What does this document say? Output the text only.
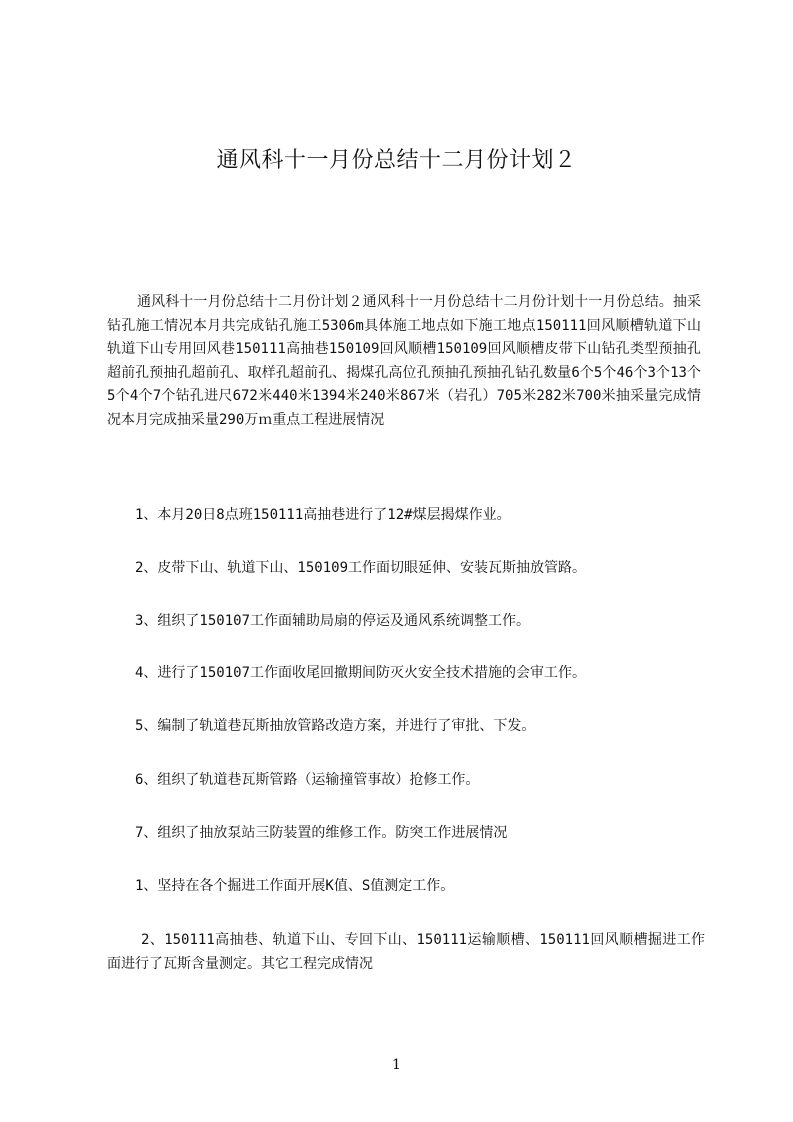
通风科十一月份总结十二月份计划２

通风科十一月份总结十二月份计划２通风科十一月份总结十二月份计划十一月份总结。抽采钻孔施工情况本月共完成钻孔施工5306m具体施工地点如下施工地点150111回风顺槽轨道下山轨道下山专用回风巷150111高抽巷150109回风顺槽150109回风顺槽皮带下山钻孔类型预抽孔超前孔预抽孔超前孔、取样孔超前孔、揭煤孔高位孔预抽孔预抽孔钻孔数量6个5个46个3个13个5个4个7个钻孔进尺672米440米1394米240米867米（岩孔）705米282米700米抽采量完成情况本月完成抽采量290万ｍ重点工程进展情况

1、本月20日8点班150111高抽巷进行了12#煤层揭煤作业。

2、皮带下山、轨道下山、150109工作面切眼延伸、安装瓦斯抽放管路。

3、组织了150107工作面辅助局扇的停运及通风系统调整工作。

4、进行了150107工作面收尾回撤期间防灭火安全技术措施的会审工作。

5、编制了轨道巷瓦斯抽放管路改造方案，并进行了审批、下发。

6、组织了轨道巷瓦斯管路（运输撞管事故）抢修工作。

7、组织了抽放泵站三防装置的维修工作。防突工作进展情况

1、坚持在各个掘进工作面开展K值、S值测定工作。

2、150111高抽巷、轨道下山、专回下山、150111运输顺槽、150111回风顺槽掘进工作面进行了瓦斯含量测定。其它工程完成情况

1
